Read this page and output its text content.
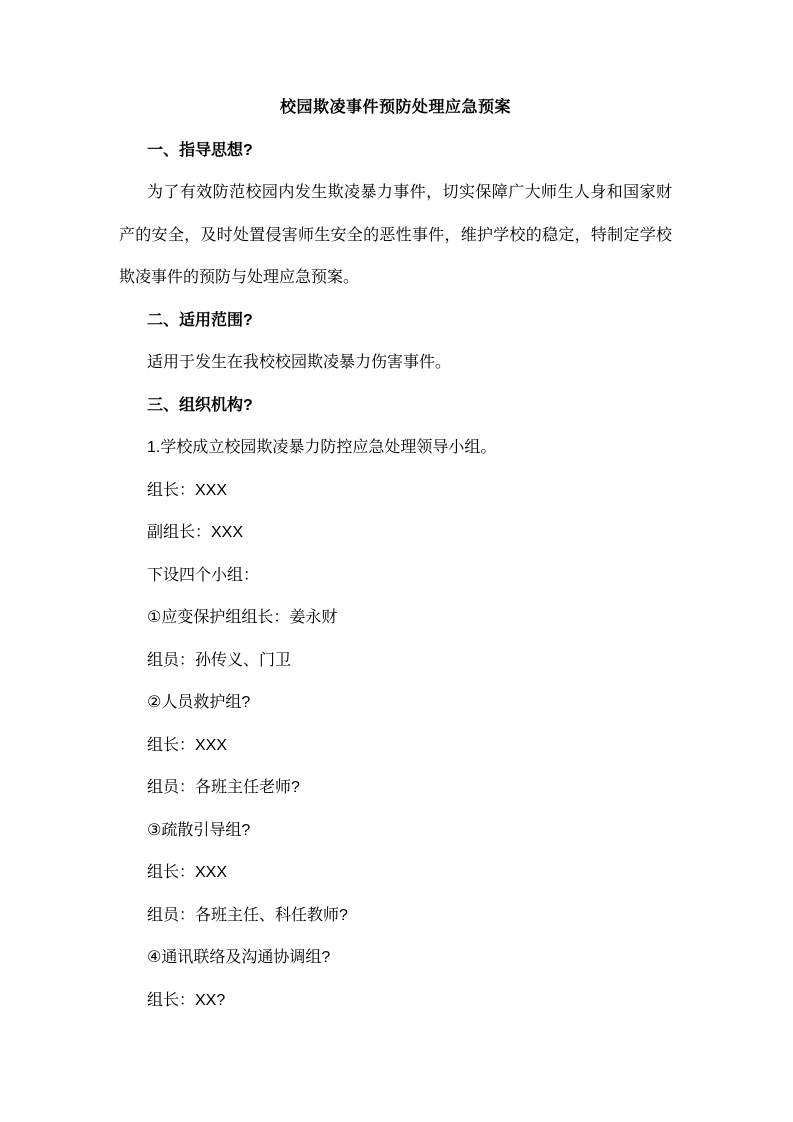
校园欺凌事件预防处理应急预案

一、指导思想?

为了有效防范校园内发生欺凌暴力事件，切实保障广大师生人身和国家财产的安全，及时处置侵害师生安全的恶性事件，维护学校的稳定，特制定学校欺凌事件的预防与处理应急预案。

二、适用范围?

适用于发生在我校校园欺凌暴力伤害事件。

三、组织机构?

1.学校成立校园欺凌暴力防控应急处理领导小组。

组长：XXX

副组长：XXX

下设四个小组：

①应变保护组组长：姜永财

组员：孙传义、门卫

②人员救护组?

组长：XXX

组员：各班主任老师?

③疏散引导组?

组长：XXX

组员：各班主任、科任教师?

④通讯联络及沟通协调组?

组长：XX?
